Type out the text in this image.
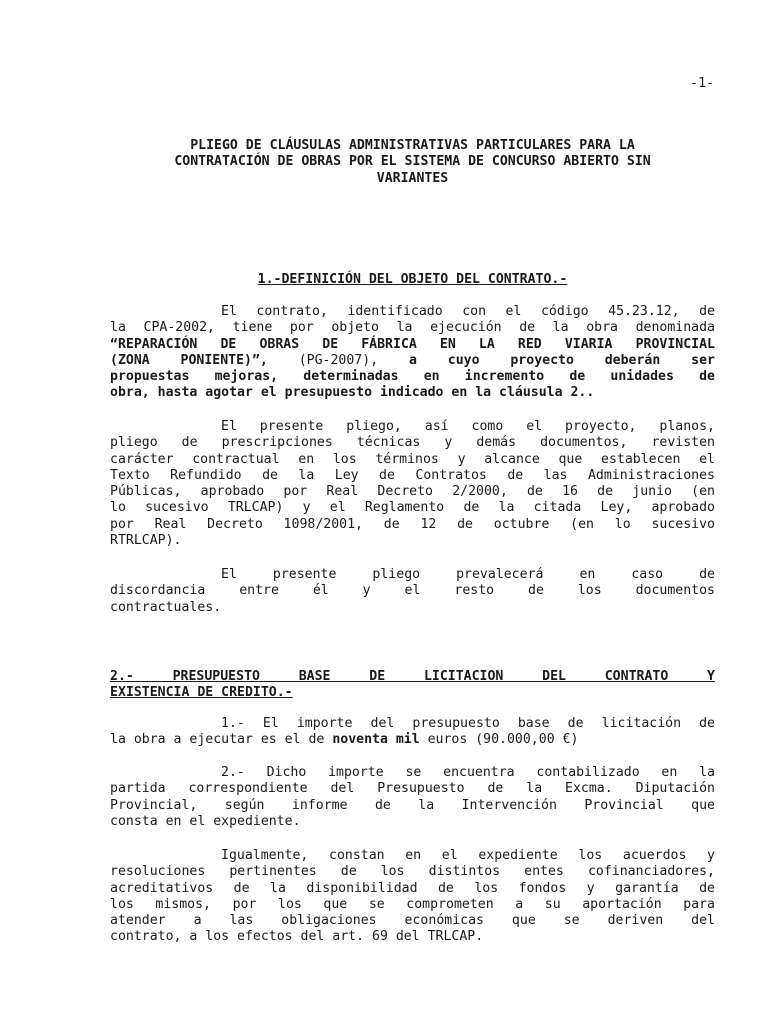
-1-
PLIEGO DE CLÁUSULAS ADMINISTRATIVAS PARTICULARES PARA LA
CONTRATACIÓN DE OBRAS POR EL SISTEMA DE CONCURSO ABIERTO SIN
VARIANTES
1.-DEFINICIÓN DEL OBJETO DEL CONTRATO.-
El contrato, identificado con el código 45.23.12, de
la CPA-2002, tiene por objeto la ejecución de la obra denominada
“REPARACIÓN DE OBRAS DE FÁBRICA EN LA RED VIARIA PROVINCIAL
(ZONA PONIENTE)”, (PG-2007), a cuyo proyecto deberán ser
propuestas mejoras, determinadas en incremento de unidades de
obra, hasta agotar el presupuesto indicado en la cláusula 2..
El presente pliego, así como el proyecto, planos,
pliego de prescripciones técnicas y demás documentos, revisten
carácter contractual en los términos y alcance que establecen el
Texto Refundido de la Ley de Contratos de las Administraciones
Públicas, aprobado por Real Decreto 2/2000, de 16 de junio (en
lo sucesivo TRLCAP) y el Reglamento de la citada Ley, aprobado
por Real Decreto 1098/2001, de 12 de octubre (en lo sucesivo
RTRLCAP).
El presente pliego prevalecerá en caso de
discordancia entre él y el resto de los documentos
contractuales.
2.- PRESUPUESTO BASE DE LICITACION DEL CONTRATO Y
EXISTENCIA DE CREDITO.-
1.- El importe del presupuesto base de licitación de
la obra a ejecutar es el de noventa mil euros (90.000,00 €)
2.- Dicho importe se encuentra contabilizado en la
partida correspondiente del Presupuesto de la Excma. Diputación
Provincial, según informe de la Intervención Provincial que
consta en el expediente.
Igualmente, constan en el expediente los acuerdos y
resoluciones pertinentes de los distintos entes cofinanciadores,
acreditativos de la disponibilidad de los fondos y garantía de
los mismos, por los que se comprometen a su aportación para
atender a las obligaciones económicas que se deriven del
contrato, a los efectos del art. 69 del TRLCAP.
